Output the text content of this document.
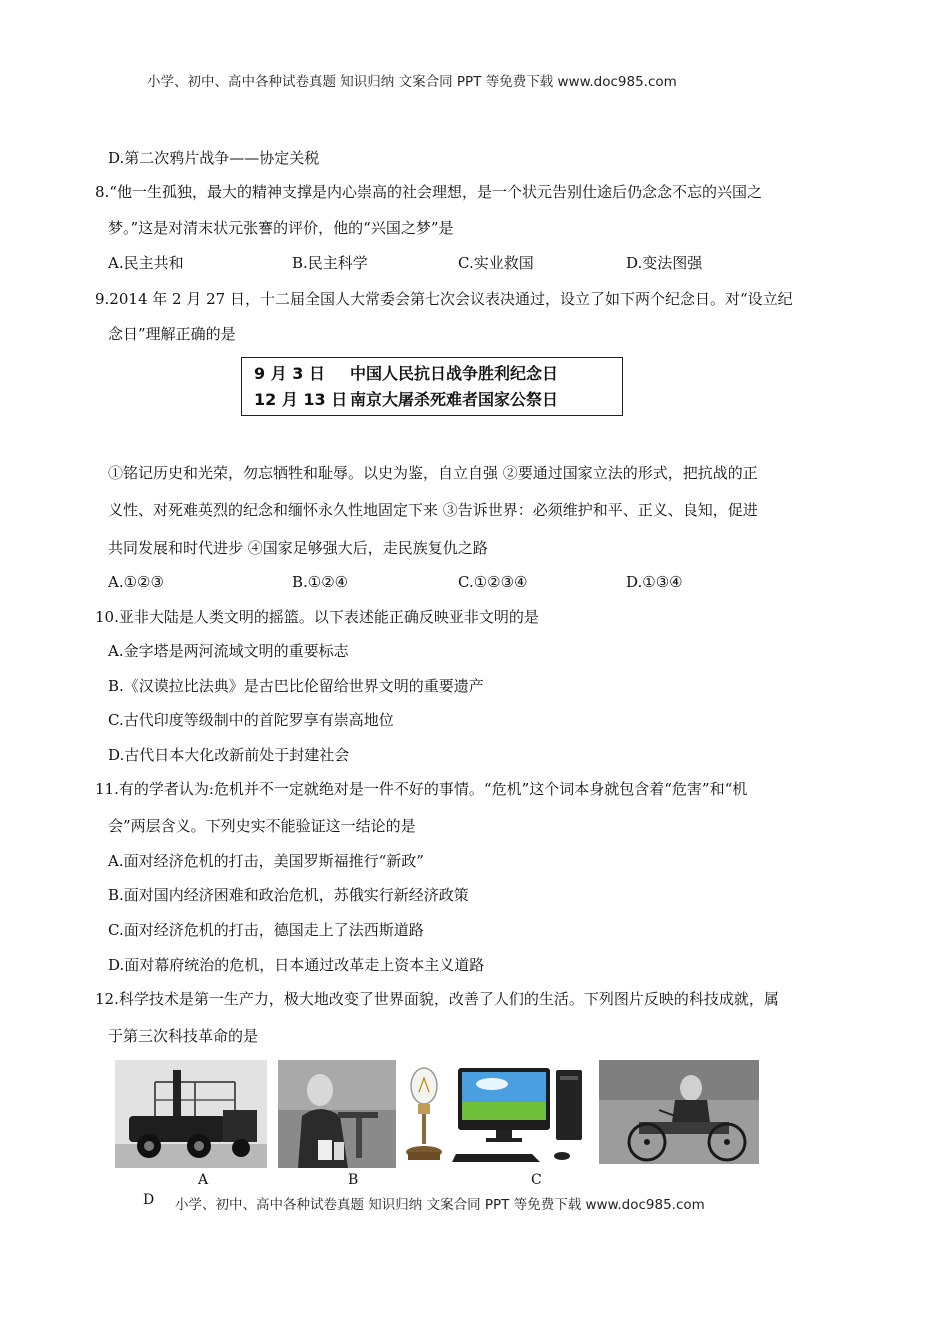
小学、初中、高中各种试卷真题 知识归纳 文案合同 PPT 等免费下载 www.doc985.com
D.第二次鸦片战争——协定关税
8.“他一生孤独，最大的精神支撑是内心崇高的社会理想，是一个状元告别仕途后仍念念不忘的兴国之
梦。”这是对清末状元张謇的评价，他的“兴国之梦”是
A.民主共和	B.民主科学	C.实业救国	D.变法图强
9.2014 年 2 月 27 日，十二届全国人大常委会第七次会议表决通过，设立了如下两个纪念日。对“设立纪
念日”理解正确的是
9 月 3 日 中国人民抗日战争胜利纪念日
12 月 13 日 南京大屠杀死难者国家公祭日
①铭记历史和光荣，勿忘牺牲和耻辱。以史为鉴，自立自强 ②要通过国家立法的形式，把抗战的正
义性、对死难英烈的纪念和缅怀永久性地固定下来 ③告诉世界：必须维护和平、正义、良知，促进
共同发展和时代进步 ④国家足够强大后，走民族复仇之路
A.①②③	B.①②④	C.①②③④	D.①③④
10.亚非大陆是人类文明的摇篮。以下表述能正确反映亚非文明的是
A.金字塔是两河流域文明的重要标志
B.《汉谟拉比法典》是古巴比伦留给世界文明的重要遗产
C.古代印度等级制中的首陀罗享有崇高地位
D.古代日本大化改新前处于封建社会
11.有的学者认为:危机并不一定就绝对是一件不好的事情。“危机”这个词本身就包含着“危害”和“机
会”两层含义。下列史实不能验证这一结论的是
A.面对经济危机的打击，美国罗斯福推行“新政”
B.面对国内经济困难和政治危机，苏俄实行新经济政策
C.面对经济危机的打击，德国走上了法西斯道路
D.面对幕府统治的危机，日本通过改革走上资本主义道路
12.科学技术是第一生产力，极大地改变了世界面貌，改善了人们的生活。下列图片反映的科技成就，属
于第三次科技革命的是
A	B	C
D 小学、初中、高中各种试卷真题 知识归纳 文案合同 PPT 等免费下载 www.doc985.com
